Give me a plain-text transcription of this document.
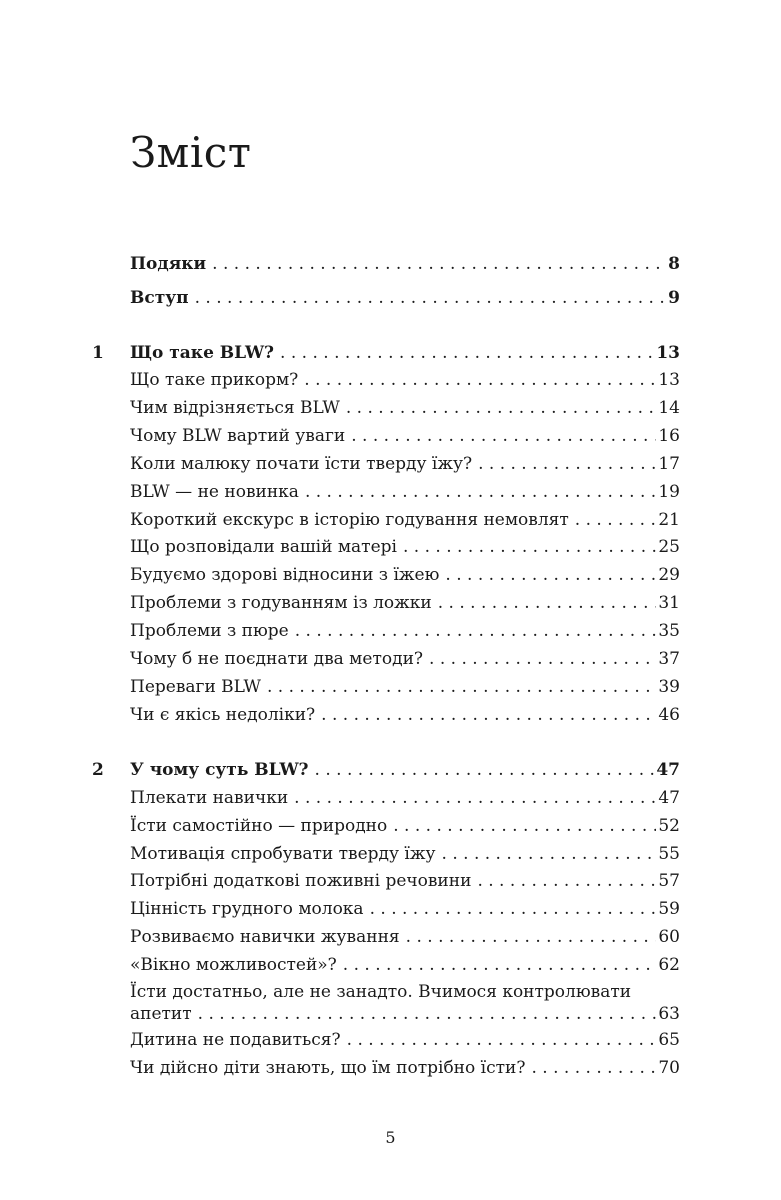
Зміст
Подяки . . .	8
Вступ . . .	9
1 Що таке BLW? . . .	13
Що таке прикорм? . . .	13
Чим відрізняється BLW . . .	14
Чому BLW вартий уваги . . .	16
Коли малюку почати їсти тверду їжу? . . .	17
BLW — не новинка . . .	19
Короткий екскурс в історію годування немовлят . . .	21
Що розповідали вашій матері . . .	25
Будуємо здорові відносини з їжею . . .	29
Проблеми з годуванням із ложки . . .	31
Проблеми з пюре . . .	35
Чому б не поєднати два методи? . . .	37
Переваги BLW . . .	39
Чи є якісь недоліки? . . .	46
2 У чому суть BLW? . . .	47
Плекати навички . . .	47
Їсти самостійно — природно . . .	52
Мотивація спробувати тверду їжу . . .	55
Потрібні додаткові поживні речовини . . .	57
Цінність грудного молока . . .	59
Розвиваємо навички жування . . .	60
«Вікно можливостей»? . . .	62
Їсти достатньо, але не занадто. Вчимося контролювати
апетит . . .	63
Дитина не подавиться? . . .	65
Чи дійсно діти знають, що їм потрібно їсти? . . .	70
5
